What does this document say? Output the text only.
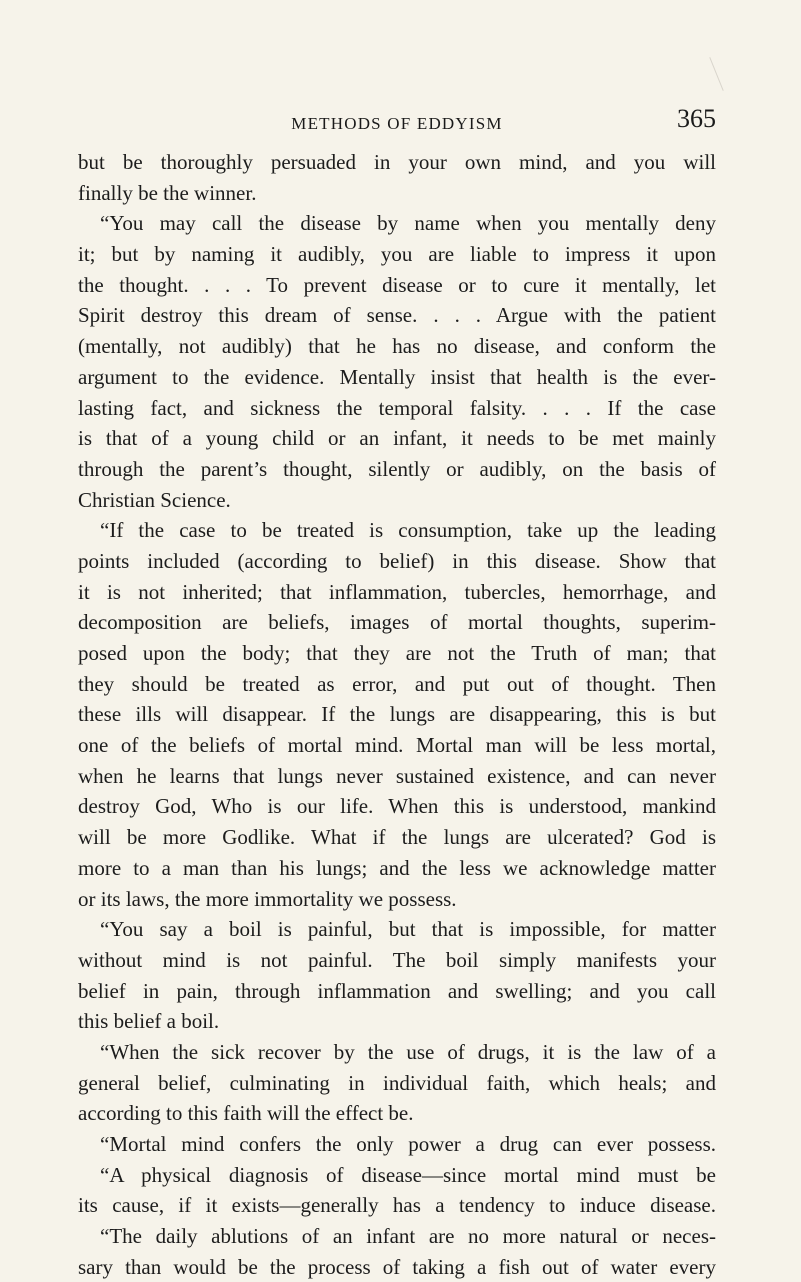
METHODS OF EDDYISM	365
but be thoroughly persuaded in your own mind, and you will
finally be the winner.
“You may call the disease by name when you mentally deny
it; but by naming it audibly, you are liable to impress it upon
the thought. . . . To prevent disease or to cure it mentally, let
Spirit destroy this dream of sense. . . . Argue with the patient
(mentally, not audibly) that he has no disease, and conform the
argument to the evidence. Mentally insist that health is the ever-
lasting fact, and sickness the temporal falsity. . . . If the case
is that of a young child or an infant, it needs to be met mainly
through the parent’s thought, silently or audibly, on the basis of
Christian Science.
“If the case to be treated is consumption, take up the leading
points included (according to belief) in this disease. Show that
it is not inherited; that inflammation, tubercles, hemorrhage, and
decomposition are beliefs, images of mortal thoughts, superim-
posed upon the body; that they are not the Truth of man; that
they should be treated as error, and put out of thought. Then
these ills will disappear. If the lungs are disappearing, this is but
one of the beliefs of mortal mind. Mortal man will be less mortal,
when he learns that lungs never sustained existence, and can never
destroy God, Who is our life. When this is understood, mankind
will be more Godlike. What if the lungs are ulcerated? God is
more to a man than his lungs; and the less we acknowledge matter
or its laws, the more immortality we possess.
“You say a boil is painful, but that is impossible, for matter
without mind is not painful. The boil simply manifests your
belief in pain, through inflammation and swelling; and you call
this belief a boil.
“When the sick recover by the use of drugs, it is the law of a
general belief, culminating in individual faith, which heals; and
according to this faith will the effect be.
“Mortal mind confers the only power a drug can ever possess.
“A physical diagnosis of disease—since mortal mind must be
its cause, if it exists—generally has a tendency to induce disease.
“The daily ablutions of an infant are no more natural or neces-
sary than would be the process of taking a fish out of water every
